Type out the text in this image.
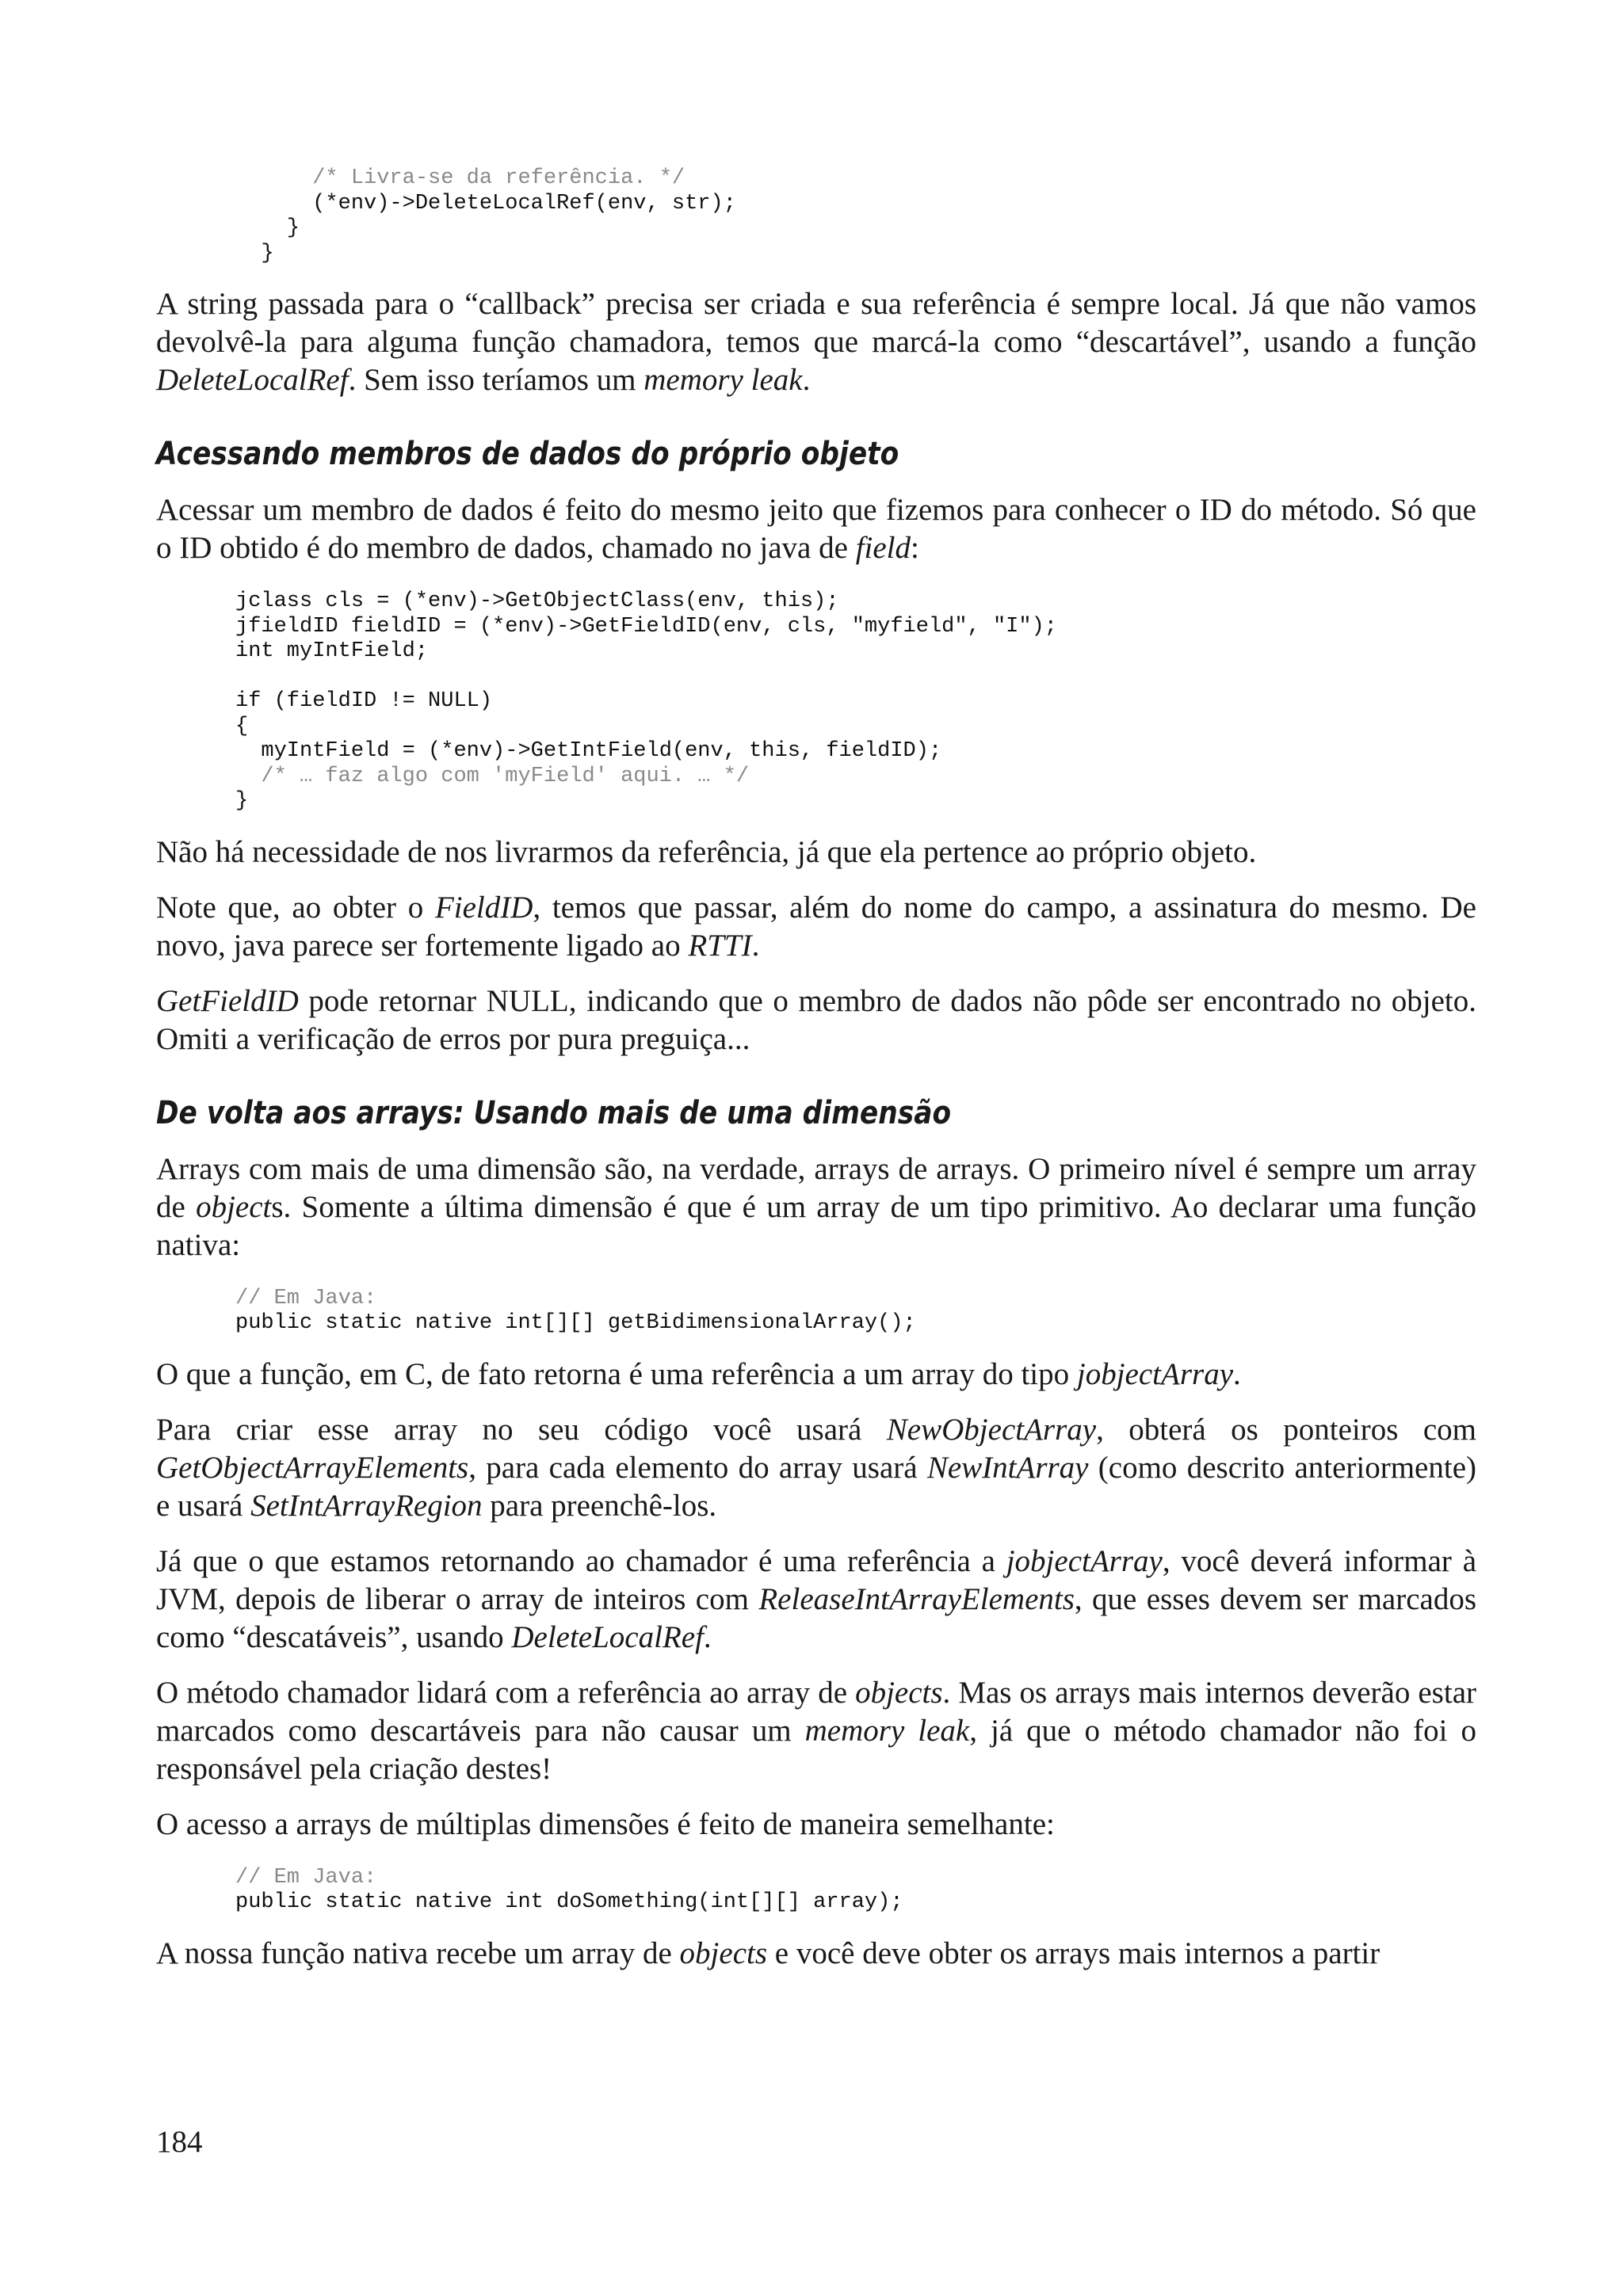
/* Livra-se da referência. */
(*env)->DeleteLocalRef(env, str);
}
}

A string passada para o “callback” precisa ser criada e sua referência é sempre local. Já que não vamos devolvê-la para alguma função chamadora, temos que marcá-la como “descartável”, usando a função DeleteLocalRef. Sem isso teríamos um memory leak.

Acessando membros de dados do próprio objeto

Acessar um membro de dados é feito do mesmo jeito que fizemos para conhecer o ID do método. Só que o ID obtido é do membro de dados, chamado no java de field:

jclass cls = (*env)->GetObjectClass(env, this);
jfieldID fieldID = (*env)->GetFieldID(env, cls, "myfield", "I");
int myIntField;
if (fieldID != NULL)
{
myIntField = (*env)->GetIntField(env, this, fieldID);
/* … faz algo com 'myField' aqui. … */
}

Não há necessidade de nos livrarmos da referência, já que ela pertence ao próprio objeto.

Note que, ao obter o FieldID, temos que passar, além do nome do campo, a assinatura do mesmo. De novo, java parece ser fortemente ligado ao RTTI.

GetFieldID pode retornar NULL, indicando que o membro de dados não pôde ser encontrado no objeto. Omiti a verificação de erros por pura preguiça...

De volta aos arrays: Usando mais de uma dimensão

Arrays com mais de uma dimensão são, na verdade, arrays de arrays. O primeiro nível é sempre um array de objects. Somente a última dimensão é que é um array de um tipo primitivo. Ao declarar uma função nativa:

// Em Java:
public static native int[][] getBidimensionalArray();

O que a função, em C, de fato retorna é uma referência a um array do tipo jobjectArray.

Para criar esse array no seu código você usará NewObjectArray, obterá os ponteiros com GetObjectArrayElements, para cada elemento do array usará NewIntArray (como descrito anteriormente) e usará SetIntArrayRegion para preenchê-los.

Já que o que estamos retornando ao chamador é uma referência a jobjectArray, você deverá informar à JVM, depois de liberar o array de inteiros com ReleaseIntArrayElements, que esses devem ser marcados como “descatáveis”, usando DeleteLocalRef.

O método chamador lidará com a referência ao array de objects. Mas os arrays mais internos deverão estar marcados como descartáveis para não causar um memory leak, já que o método chamador não foi o responsável pela criação destes!

O acesso a arrays de múltiplas dimensões é feito de maneira semelhante:

// Em Java:
public static native int doSomething(int[][] array);

A nossa função nativa recebe um array de objects e você deve obter os arrays mais internos a partir

184
